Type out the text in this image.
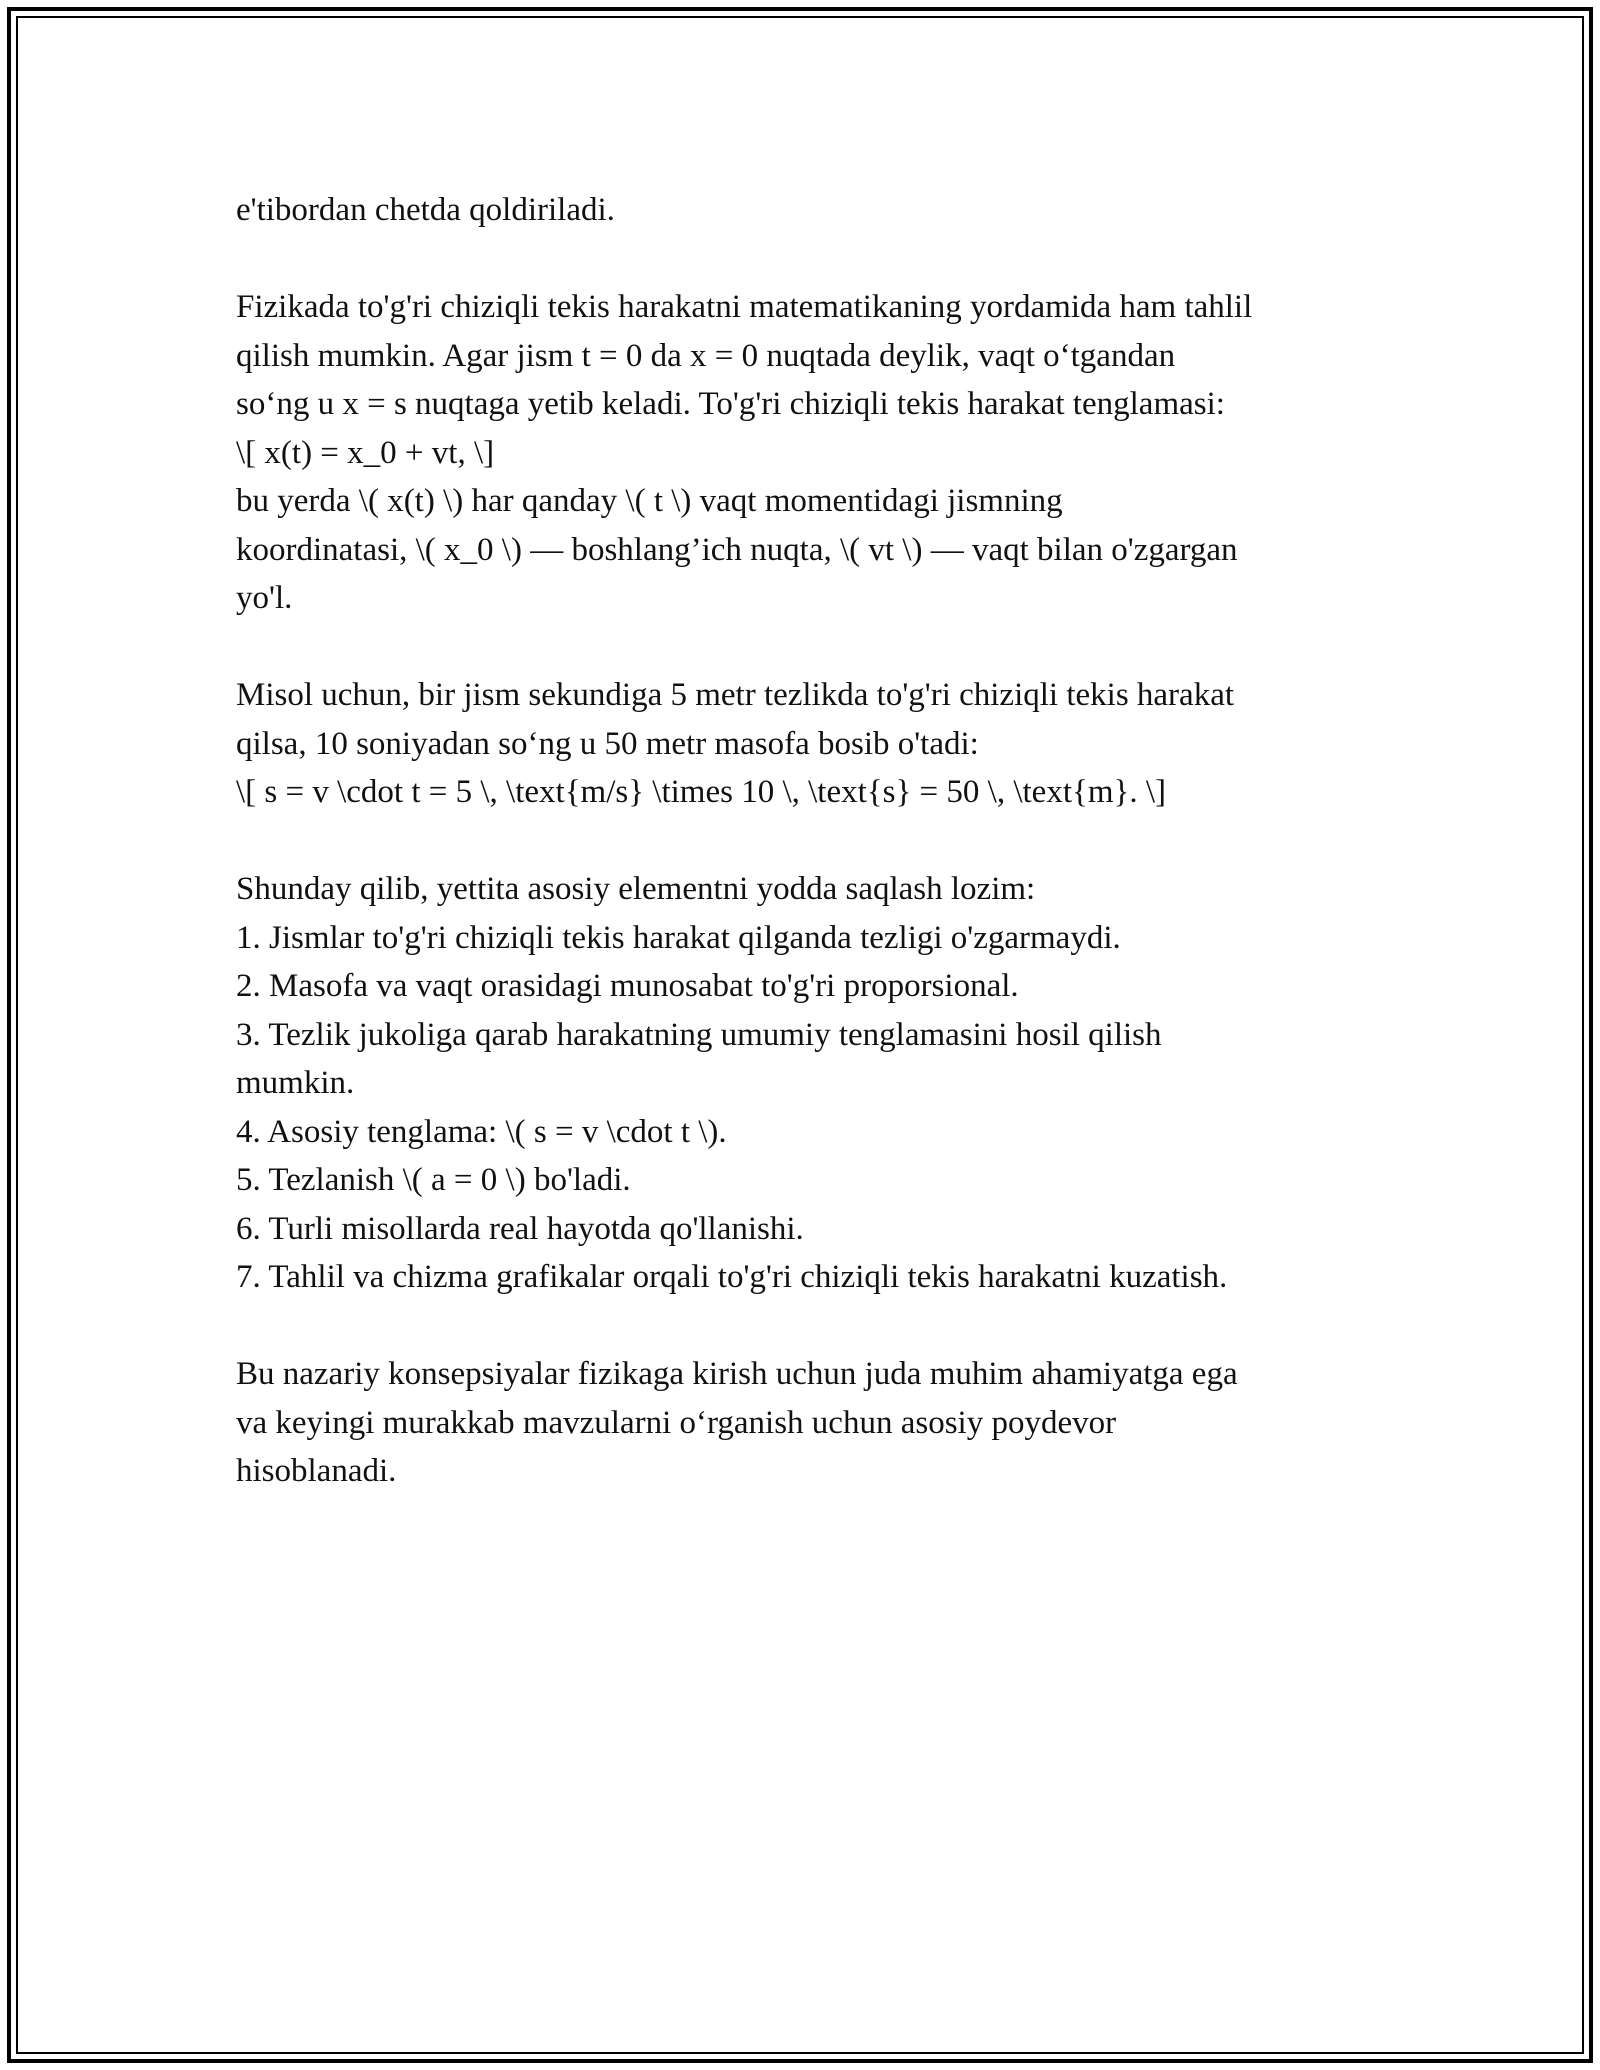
e'tibordan chetda qoldiriladi.

Fizikada to'g'ri chiziqli tekis harakatni matematikaning yordamida ham tahlil
qilish mumkin. Agar jism t = 0 da x = 0 nuqtada deylik, vaqt o‘tgandan
so‘ng u x = s nuqtaga yetib keladi. To'g'ri chiziqli tekis harakat tenglamasi:
\[ x(t) = x_0 + vt, \]
bu yerda \( x(t) \) har qanday \( t \) vaqt momentidagi jismning
koordinatasi, \( x_0 \) — boshlang’ich nuqta, \( vt \) — vaqt bilan o'zgargan
yo'l.

Misol uchun, bir jism sekundiga 5 metr tezlikda to'g'ri chiziqli tekis harakat
qilsa, 10 soniyadan so‘ng u 50 metr masofa bosib o'tadi:
\[ s = v \cdot t = 5 \, \text{m/s} \times 10 \, \text{s} = 50 \, \text{m}. \]

Shunday qilib, yettita asosiy elementni yodda saqlash lozim:
1. Jismlar to'g'ri chiziqli tekis harakat qilganda tezligi o'zgarmaydi.
2. Masofa va vaqt orasidagi munosabat to'g'ri proporsional.
3. Tezlik jukoliga qarab harakatning umumiy tenglamasini hosil qilish
mumkin.
4. Asosiy tenglama: \( s = v \cdot t \).
5. Tezlanish \( a = 0 \) bo'ladi.
6. Turli misollarda real hayotda qo'llanishi.
7. Tahlil va chizma grafikalar orqali to'g'ri chiziqli tekis harakatni kuzatish.

Bu nazariy konsepsiyalar fizikaga kirish uchun juda muhim ahamiyatga ega
va keyingi murakkab mavzularni o‘rganish uchun asosiy poydevor
hisoblanadi.
